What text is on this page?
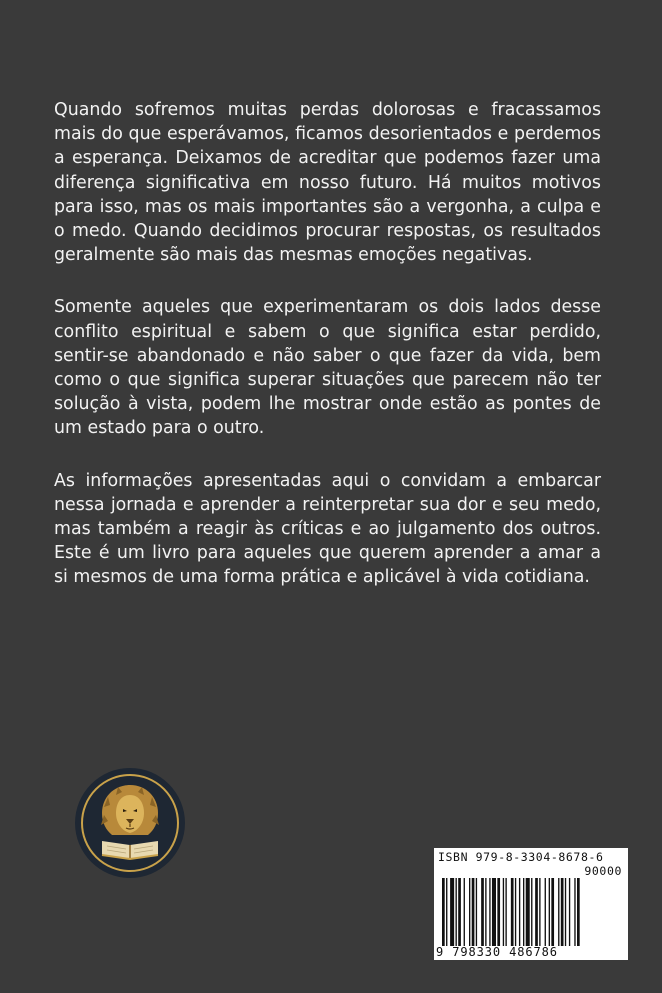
Quando sofremos muitas perdas dolorosas e fracassamos mais do que esperávamos, ficamos desorientados e perdemos a esperança. Deixamos de acreditar que podemos fazer uma diferença significativa em nosso futuro. Há muitos motivos para isso, mas os mais importantes são a vergonha, a culpa e o medo. Quando decidimos procurar respostas, os resultados geralmente são mais das mesmas emoções negativas.

Somente aqueles que experimentaram os dois lados desse conflito espiritual e sabem o que significa estar perdido, sentir-se abandonado e não saber o que fazer da vida, bem como o que significa superar situações que parecem não ter solução à vista, podem lhe mostrar onde estão as pontes de um estado para o outro.

As informações apresentadas aqui o convidam a embarcar nessa jornada e aprender a reinterpretar sua dor e seu medo, mas também a reagir às críticas e ao julgamento dos outros. Este é um livro para aqueles que querem aprender a amar a si mesmos de uma forma prática e aplicável à vida cotidiana.

ISBN 979-8-3304-8678-6
90000
9 798330 486786
